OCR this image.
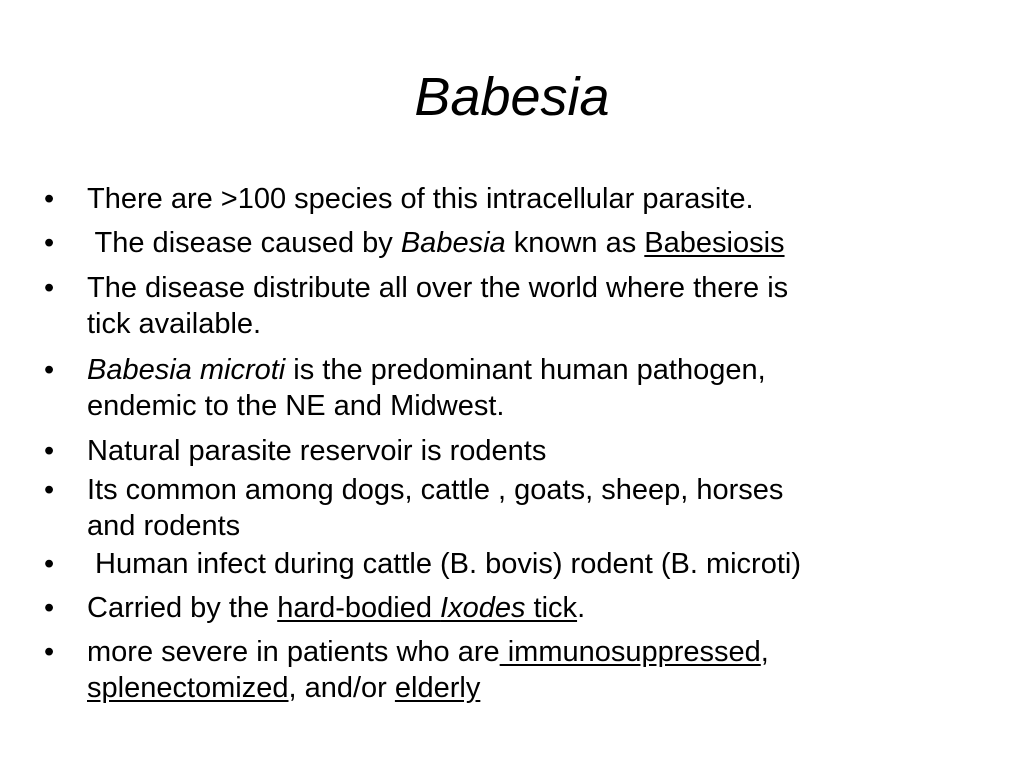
Babesia
• There are >100 species of this intracellular parasite.
• The disease caused by Babesia known as Babesiosis
• The disease distribute all over the world where there is
tick available.
• Babesia microti is the predominant human pathogen,
endemic to the NE and Midwest.
• Natural parasite reservoir is rodents
• Its common among dogs, cattle , goats, sheep, horses
and rodents
• Human infect during cattle (B. bovis) rodent (B. microti)
• Carried by the hard-bodied Ixodes tick.
• more severe in patients who are immunosuppressed,
splenectomized, and/or elderly
